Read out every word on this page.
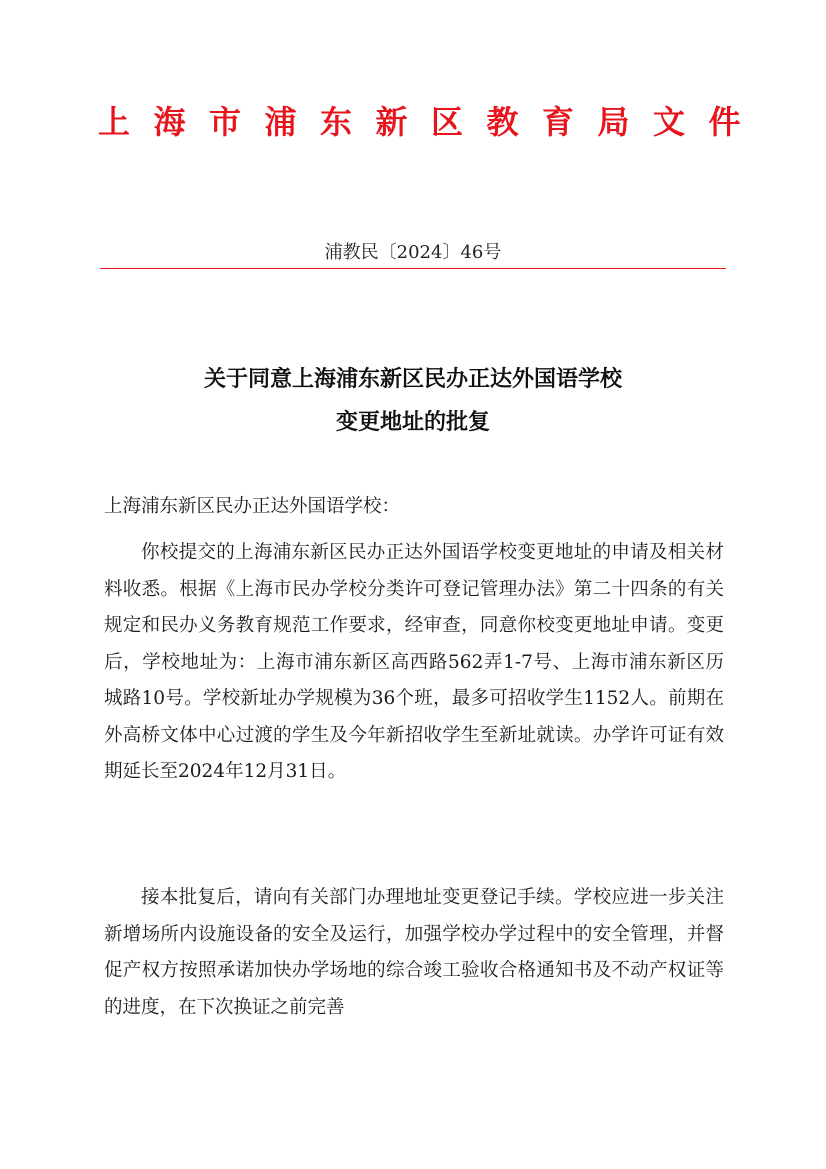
上海市浦东新区教育局文件
浦教民〔2024〕46号
关于同意上海浦东新区民办正达外国语学校
变更地址的批复
上海浦东新区民办正达外国语学校：
你校提交的上海浦东新区民办正达外国语学校变更地址的申请及相关材料收悉。根据《上海市民办学校分类许可登记管理办法》第二十四条的有关规定和民办义务教育规范工作要求，经审查，同意你校变更地址申请。变更后，学校地址为：上海市浦东新区高西路562弄1-7号、上海市浦东新区历城路10号。学校新址办学规模为36个班，最多可招收学生1152人。前期在外高桥文体中心过渡的学生及今年新招收学生至新址就读。办学许可证有效期延长至2024年12月31日。
接本批复后，请向有关部门办理地址变更登记手续。学校应进一步关注新增场所内设施设备的安全及运行，加强学校办学过程中的安全管理，并督促产权方按照承诺加快办学场地的综合竣工验收合格通知书及不动产权证等的进度，在下次换证之前完善
